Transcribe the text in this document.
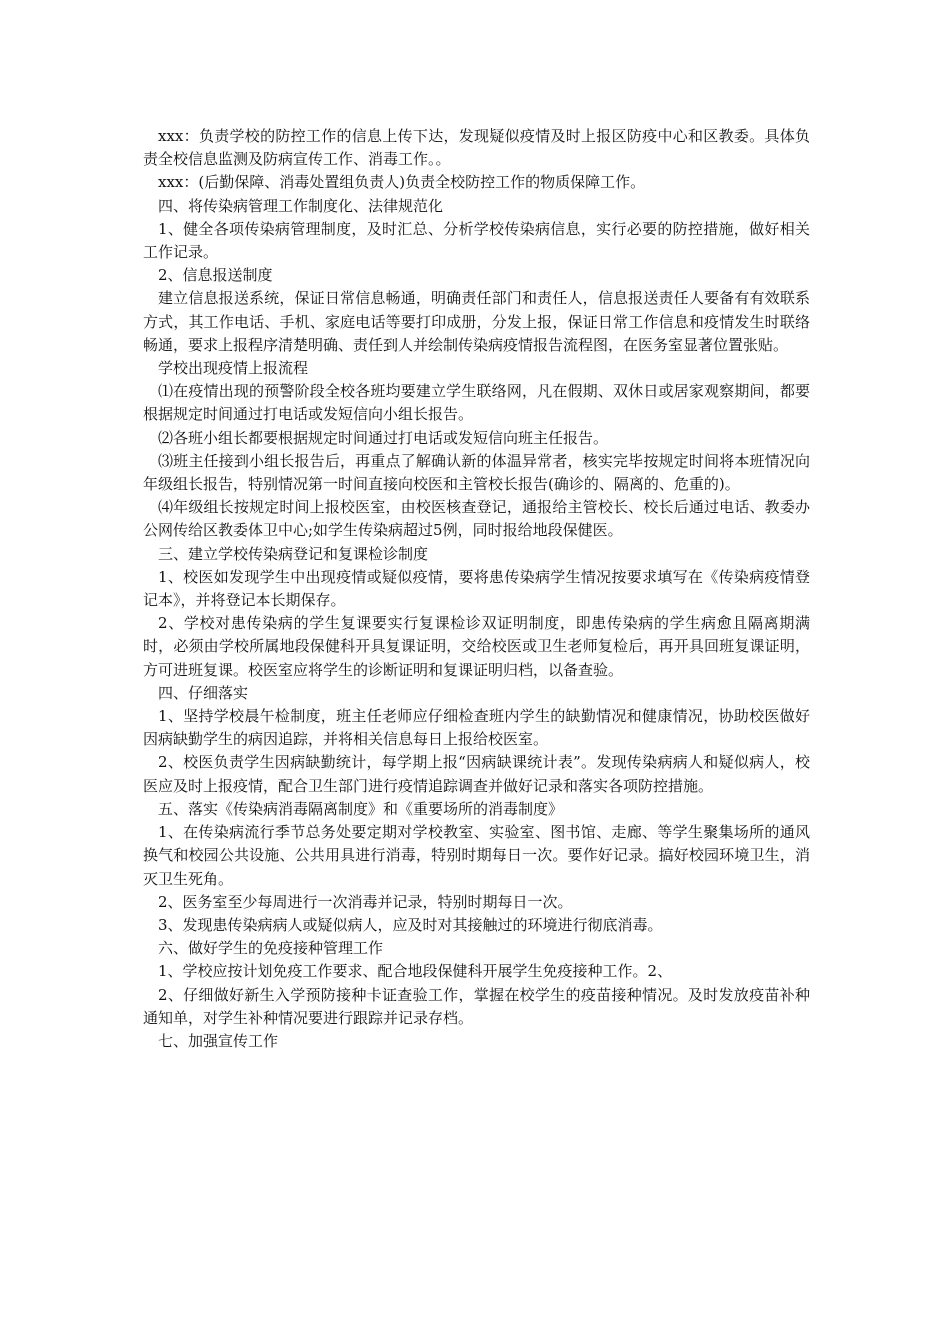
xxx：负责学校的防控工作的信息上传下达，发现疑似疫情及时上报区防疫中心和区教委。具体负责全校信息监测及防病宣传工作、消毒工作。。

xxx：(后勤保障、消毒处置组负责人)负责全校防控工作的物质保障工作。

四、将传染病管理工作制度化、法律规范化

1、健全各项传染病管理制度，及时汇总、分析学校传染病信息，实行必要的防控措施，做好相关工作记录。

2、信息报送制度

建立信息报送系统，保证日常信息畅通，明确责任部门和责任人，信息报送责任人要备有有效联系方式，其工作电话、手机、家庭电话等要打印成册，分发上报，保证日常工作信息和疫情发生时联络畅通，要求上报程序清楚明确、责任到人并绘制传染病疫情报告流程图，在医务室显著位置张贴。

学校出现疫情上报流程

⑴在疫情出现的预警阶段全校各班均要建立学生联络网，凡在假期、双休日或居家观察期间，都要根据规定时间通过打电话或发短信向小组长报告。

⑵各班小组长都要根据规定时间通过打电话或发短信向班主任报告。

⑶班主任接到小组长报告后，再重点了解确认新的体温异常者，核实完毕按规定时间将本班情况向年级组长报告，特别情况第一时间直接向校医和主管校长报告(确诊的、隔离的、危重的)。

⑷年级组长按规定时间上报校医室，由校医核查登记，通报给主管校长、校长后通过电话、教委办公网传给区教委体卫中心;如学生传染病超过5例，同时报给地段保健医。

三、建立学校传染病登记和复课检诊制度

1、校医如发现学生中出现疫情或疑似疫情，要将患传染病学生情况按要求填写在《传染病疫情登记本》，并将登记本长期保存。

2、学校对患传染病的学生复课要实行复课检诊双证明制度，即患传染病的学生病愈且隔离期满时，必须由学校所属地段保健科开具复课证明，交给校医或卫生老师复检后，再开具回班复课证明，方可进班复课。校医室应将学生的诊断证明和复课证明归档，以备查验。

四、仔细落实

1、坚持学校晨午检制度，班主任老师应仔细检查班内学生的缺勤情况和健康情况，协助校医做好因病缺勤学生的病因追踪，并将相关信息每日上报给校医室。

2、校医负责学生因病缺勤统计，每学期上报“因病缺课统计表”。发现传染病病人和疑似病人，校医应及时上报疫情，配合卫生部门进行疫情追踪调查并做好记录和落实各项防控措施。

五、落实《传染病消毒隔离制度》和《重要场所的消毒制度》

1、在传染病流行季节总务处要定期对学校教室、实验室、图书馆、走廊、等学生聚集场所的通风换气和校园公共设施、公共用具进行消毒，特别时期每日一次。要作好记录。搞好校园环境卫生，消灭卫生死角。

2、医务室至少每周进行一次消毒并记录，特别时期每日一次。

3、发现患传染病病人或疑似病人，应及时对其接触过的环境进行彻底消毒。

六、做好学生的免疫接种管理工作

1、学校应按计划免疫工作要求、配合地段保健科开展学生免疫接种工作。2、

2、仔细做好新生入学预防接种卡证查验工作，掌握在校学生的疫苗接种情况。及时发放疫苗补种通知单，对学生补种情况要进行跟踪并记录存档。

七、加强宣传工作
